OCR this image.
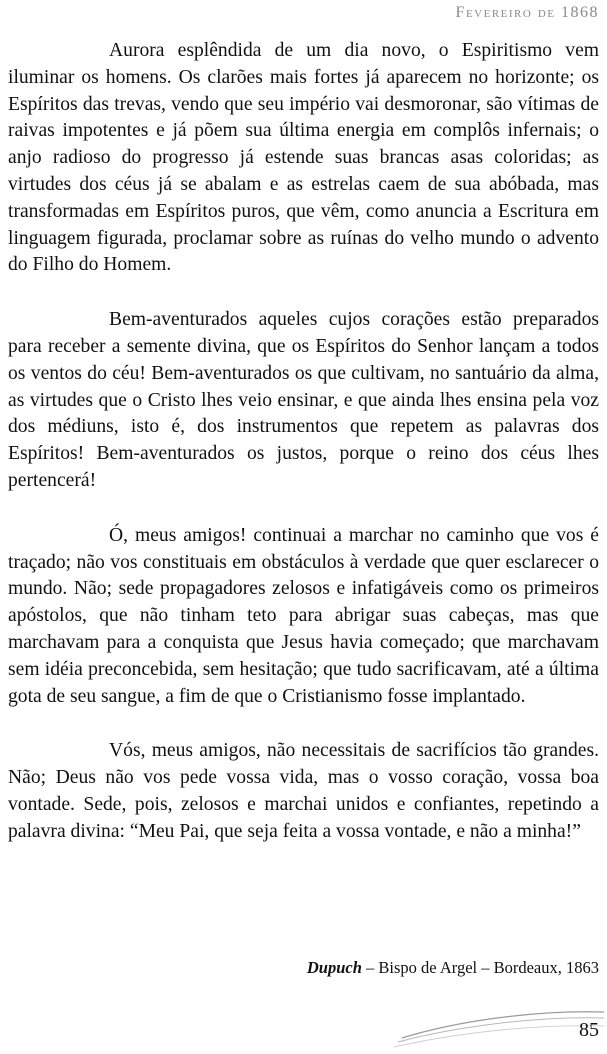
Fevereiro de 1868

Aurora esplêndida de um dia novo, o Espiritismo vem iluminar os homens. Os clarões mais fortes já aparecem no horizonte; os Espíritos das trevas, vendo que seu império vai desmoronar, são vítimas de raivas impotentes e já põem sua última energia em complôs infernais; o anjo radioso do progresso já estende suas brancas asas coloridas; as virtudes dos céus já se abalam e as estrelas caem de sua abóbada, mas transformadas em Espíritos puros, que vêm, como anuncia a Escritura em linguagem figurada, proclamar sobre as ruínas do velho mundo o advento do Filho do Homem.

Bem-aventurados aqueles cujos corações estão preparados para receber a semente divina, que os Espíritos do Senhor lançam a todos os ventos do céu! Bem-aventurados os que cultivam, no santuário da alma, as virtudes que o Cristo lhes veio ensinar, e que ainda lhes ensina pela voz dos médiuns, isto é, dos instrumentos que repetem as palavras dos Espíritos! Bem-aventurados os justos, porque o reino dos céus lhes pertencerá!

Ó, meus amigos! continuai a marchar no caminho que vos é traçado; não vos constituais em obstáculos à verdade que quer esclarecer o mundo. Não; sede propagadores zelosos e infatigáveis como os primeiros apóstolos, que não tinham teto para abrigar suas cabeças, mas que marchavam para a conquista que Jesus havia começado; que marchavam sem idéia preconcebida, sem hesitação; que tudo sacrificavam, até a última gota de seu sangue, a fim de que o Cristianismo fosse implantado.

Vós, meus amigos, não necessitais de sacrifícios tão grandes. Não; Deus não vos pede vossa vida, mas o vosso coração, vossa boa vontade. Sede, pois, zelosos e marchai unidos e confiantes, repetindo a palavra divina: “Meu Pai, que seja feita a vossa vontade, e não a minha!”

Dupuch – Bispo de Argel – Bordeaux, 1863
85
